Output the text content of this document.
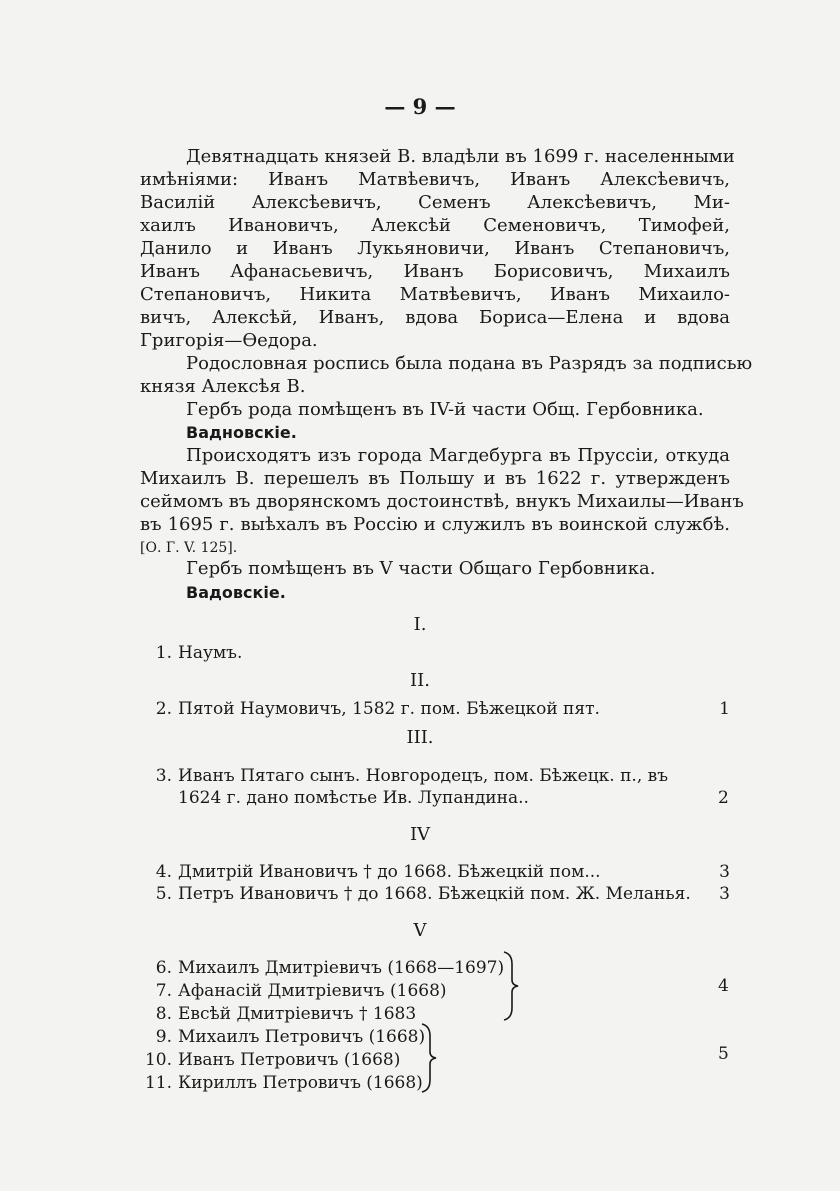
— 9 —
Девятнадцать князей В. владѣли въ 1699 г. населенными
имѣніями: Иванъ Матвѣевичъ, Иванъ Алексѣевичъ,
Василій Алексѣевичъ, Семенъ Алексѣевичъ, Ми-
хаилъ Ивановичъ, Алексѣй Семеновичъ, Тимофей,
Данило и Иванъ Лукьяновичи, Иванъ Степановичъ,
Иванъ Афанасьевичъ, Иванъ Борисовичъ, Михаилъ
Степановичъ, Никита Матвѣевичъ, Иванъ Михаило-
вичъ, Алексѣй, Иванъ, вдова Бориса—Елена и вдова
Григорія—Өедора.
Родословная роспись была подана въ Разрядъ за подписью
князя Алексѣя В.
Гербъ рода помѣщенъ въ IV-й части Общ. Гербовника.
Вадновскіе.
Происходятъ изъ города Магдебурга въ Пруссіи, откуда
Михаилъ В. перешелъ въ Польшу и въ 1622 г. утвержденъ
сеймомъ въ дворянскомъ достоинствѣ, внукъ Михаилы—Иванъ
въ 1695 г. выѣхалъ въ Россію и служилъ въ воинской службѣ.
[О. Г. V. 125].
Гербъ помѣщенъ въ V части Общаго Гербовника.
Вадовскіе.
I.
1. Наумъ.
II.
2. Пятой Наумовичъ, 1582 г. пом. Бѣжецкой пят.	1
III.
3. Иванъ Пятаго сынъ. Новгородецъ, пом. Бѣжецк. п., въ
1624 г. дано помѣстье Ив. Лупандина..	2
IV
4. Дмитрій Ивановичъ † до 1668. Бѣжецкій пом...	3
5. Петръ Ивановичъ † до 1668. Бѣжецкій пом. Ж. Меланья. 3
V
6. Михаилъ Дмитріевичъ (1668—1697)
7. Афанасій Дмитріевичъ (1668)
8. Евсѣй Дмитріевичъ † 1683
4
9. Михаилъ Петровичъ (1668)
10. Иванъ Петровичъ (1668)
11. Кириллъ Петровичъ (1668)
5
